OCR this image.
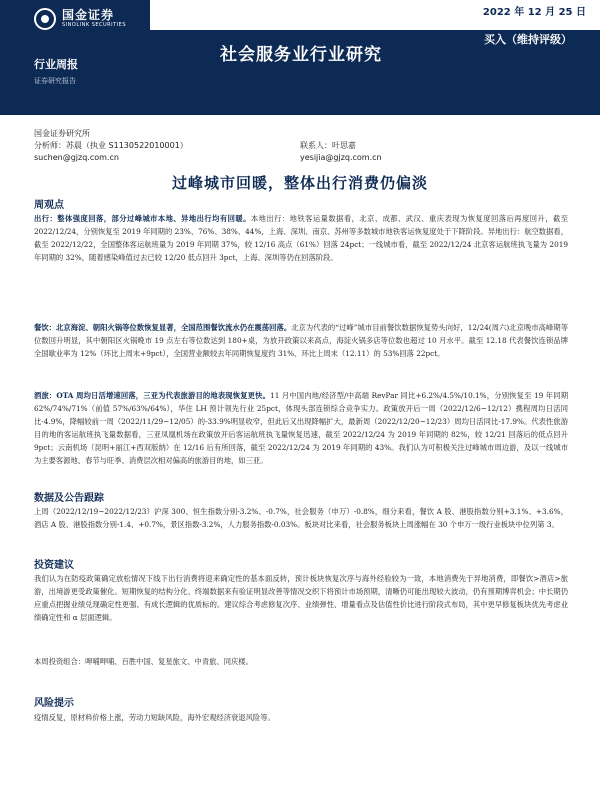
国金证券
SINOLINK SECURITIES
2022 年 12 月 25 日
行业周报
证券研究报告
社会服务业行业研究
买入（维持评级）
国金证券研究所
分析师：苏晨（执业 S1130522010001）	联系人：叶思嘉
suchen@gjzq.com.cn	yesijia@gjzq.com.cn
过峰城市回暖，整体出行消费仍偏淡
周观点
出行：整体强度回落，部分过峰城市本地、异地出行均有回暖。本地出行：地铁客运量数据看，北京、成都、武汉、重庆表现为恢复度回落后再度回升，截至 2022/12/24，分别恢复至 2019 年同期的 23%、76%、38%、44%，上海、深圳、南京、苏州等多数城市地铁客运恢复度处于下降阶段。异地出行：航空数据看，截至 2022/12/22，全国整体客运航班量为 2019 年同期 37%，较 12/16 高点（61%）回落 24pct；一线城市看，截至 2022/12/24 北京客运航班执飞量为 2019 年同期的 32%，随着感染峰值过去已较 12/20 低点回升 3pct，上海、深圳等仍在回落阶段。
餐饮：北京海淀、朝阳火锅等位数恢复显著，全国范围餐饮流水仍在震荡回落。北京为代表的“过峰”城市目前餐饮数据恢复势头向好，12/24(周六)北京晚市高峰期等位数回升明显，其中朝阳区火锅晚市 19 点左右等位数达到 180+桌，为放开政策以来高点，海淀火锅多店等位数也超过 10 月水平。截至 12.18 代表餐饮连锁品牌全国歇业率为 12%（环比上周末+9pct），全国营业额较去年同期恢复度约 31%、环比上周末（12.11）的 53%回落 22pct。
酒旅：OTA 周均日活增速回落，三亚为代表旅游目的地表现恢复更快。11 月中国内地/经济型/中高端 RevPar 同比+6.2%/4.5%/10.1%，分别恢复至 19 年同期 62%/74%/71%（前值 57%/63%/64%），华住 LH 预计领先行业 25pct，体现头部连锁综合竞争实力。政策放开后一周（2022/12/6~12/12）携程周均日活同比-4.9%，降幅较前一周（2022/11/29~12/05）的-33.9%明显收窄，但此后又出现降幅扩大，最新周（2022/12/20~12/23）周均日活同比-17.9%。代表性旅游目的地的客运航班执飞量数据看，三亚凤凰机场在政策放开后客运航班执飞量恢复迅速，截至 2022/12/24 为 2019 年同期的 82%，较 12/21 回落后的低点回升 9pct；云南机场（昆明+丽江+西双版纳）在 12/16 后有所回落，截至 2022/12/24 为 2019 年同期的 43%。我们认为可积极关注过峰城市周边游，及以一线城市为主要客源地、春节与旺季、消费层次相对偏高的旅游目的地，如三亚。
数据及公告跟踪
上周（2022/12/19~2022/12/23）沪深 300、恒生指数分别-3.2%、-0.7%，社会服务（申万）-0.8%，细分来看，餐饮 A 股、港股指数分别+3.1%、+3.6%，酒店 A 股、港股指数分别-1.4、+0.7%，景区指数-3.2%，人力服务指数-0.03%。板块对比来看，社会服务板块上周涨幅在 30 个申万一级行业板块中位列第 3。
投资建议
我们认为在防疫政策确定放松情况下线下出行消费将迎来确定性的基本面反转，预计板块恢复次序与海外经验较为一致，本地消费先于异地消费，即餐饮>酒店>旅游，出境游更受政策催化。短期恢复的结构分化、终端数据来有验证明显改善等情况交织下将预计市场预期，清晰仍可能出现较大波动，仍有预期博弈机会；中长期仍应重点把握业绩兑现确定性更强、有成长逻辑的优质标的。建议综合考虑修复次序、业绩弹性、增量看点及估值性价比进行阶段式布局，其中更早修复板块优先考虑业绩确定性和 α 层面逻辑。
本周投资组合：呷哺呷哺、百胜中国、复星旅文、中青旅、同庆楼。
风险提示
疫情反复，原材料价格上涨，劳动力短缺风险，海外宏观经济衰退风险等。
